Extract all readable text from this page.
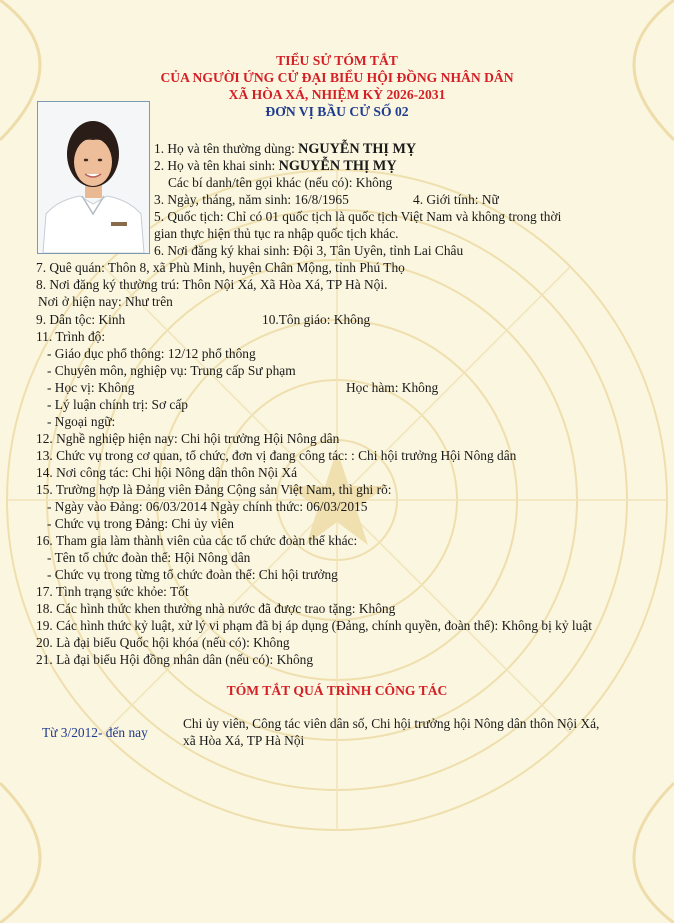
TIỂU SỬ TÓM TẮT
CỦA NGƯỜI ỨNG CỬ ĐẠI BIỂU HỘI ĐỒNG NHÂN DÂN
XÃ HÒA XÁ, NHIỆM KỲ 2026-2031
ĐƠN VỊ BẦU CỬ SỐ 02
1. Họ và tên thường dùng: NGUYỄN THỊ MỴ
2. Họ và tên khai sinh: NGUYỄN THỊ MỴ
Các bí danh/tên gọi khác (nếu có): Không
3. Ngày, tháng, năm sinh: 16/8/1965	4. Giới tính: Nữ
5. Quốc tịch: Chỉ có 01 quốc tịch là quốc tịch Việt Nam và không trong thời
gian thực hiện thủ tục ra nhập quốc tịch khác.
6. Nơi đăng ký khai sinh: Đội 3, Tân Uyên, tỉnh Lai Châu
7. Quê quán: Thôn 8, xã Phù Minh, huyện Chân Mộng, tỉnh Phú Thọ
8. Nơi đăng ký thường trú: Thôn Nội Xá, Xã Hòa Xá, TP Hà Nội.
Nơi ở hiện nay: Như trên
9. Dân tộc: Kinh	10.Tôn giáo: Không
11. Trình độ:
- Giáo dục phổ thông: 12/12 phổ thông
- Chuyên môn, nghiệp vụ: Trung cấp Sư phạm
- Học vị: Không	Học hàm: Không
- Lý luận chính trị: Sơ cấp
- Ngoại ngữ:
12. Nghề nghiệp hiện nay: Chi hội trưởng Hội Nông dân
13. Chức vụ trong cơ quan, tổ chức, đơn vị đang công tác: : Chi hội trưởng Hội Nông dân
14. Nơi công tác: Chi hội Nông dân thôn Nội Xá
15. Trường hợp là Đảng viên Đảng Cộng sản Việt Nam, thì ghi rõ:
- Ngày vào Đảng: 06/03/2014 Ngày chính thức: 06/03/2015
- Chức vụ trong Đảng: Chi ủy viên
16. Tham gia làm thành viên của các tổ chức đoàn thể khác:
- Tên tổ chức đoàn thể: Hội Nông dân
- Chức vụ trong từng tổ chức đoàn thể: Chi hội trưởng
17. Tình trạng sức khỏe: Tốt
18. Các hình thức khen thưởng nhà nước đã được trao tặng: Không
19. Các hình thức kỷ luật, xử lý vi phạm đã bị áp dụng (Đảng, chính quyền, đoàn thể): Không bị kỷ luật
20. Là đại biểu Quốc hội khóa (nếu có): Không
21. Là đại biểu Hội đồng nhân dân (nếu có): Không
TÓM TẮT QUÁ TRÌNH CÔNG TÁC
Từ 3/2012- đến nay
Chi ủy viên, Công tác viên dân số, Chi hội trưởng hội Nông dân thôn Nội Xá,
xã Hòa Xá, TP Hà Nội
